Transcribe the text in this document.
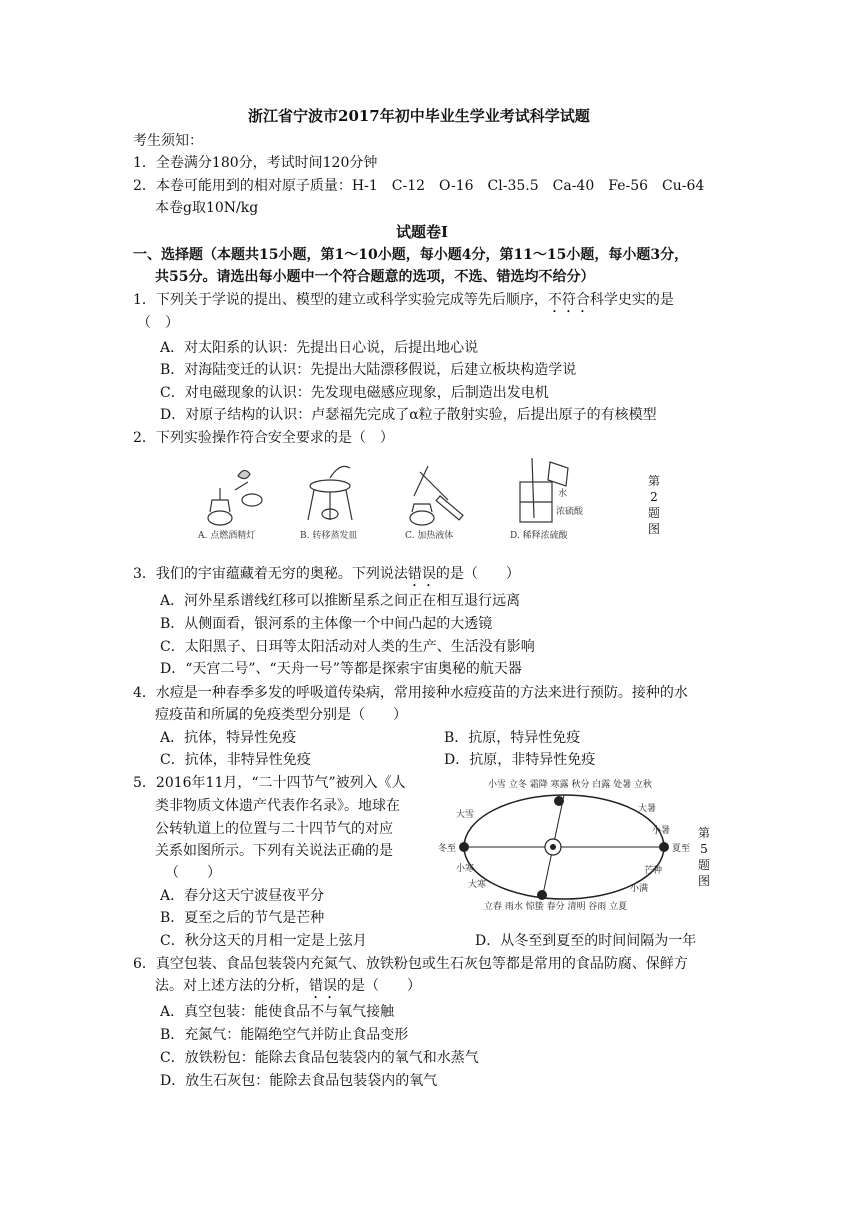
浙江省宁波市2017年初中毕业生学业考试科学试题
考生须知：
1．全卷满分180分，考试时间120分钟
2．本卷可能用到的相对原子质量：H-1　C-12　O-16　Cl-35.5　Ca-40　Fe-56　Cu-64
本卷g取10N/kg
试题卷Ⅰ
一、选择题（本题共15小题，第1～10小题，每小题4分，第11～15小题，每小题3分，
共55分。请选出每小题中一个符合题意的选项，不选、错选均不给分）
1．下列关于学说的提出、模型的建立或科学实验完成等先后顺序，不符合科学史实的是
（　）
A．对太阳系的认识：先提出日心说，后提出地心说
B．对海陆变迁的认识：先提出大陆漂移假说，后建立板块构造学说
C．对电磁现象的认识：先发现电磁感应现象，后制造出发电机
D．对原子结构的认识：卢瑟福先完成了α粒子散射实验，后提出原子的有核模型
2．下列实验操作符合安全要求的是（　）
水
浓硫酸
A. 点燃酒精灯	B. 转移蒸发皿	C. 加热液体	D. 稀释浓硫酸
第
2
题
图
3．我们的宇宙蕴藏着无穷的奥秘。下列说法错误的是（　　）
A．河外星系谱线红移可以推断星系之间正在相互退行远离
B．从侧面看，银河系的主体像一个中间凸起的大透镜
C．太阳黑子、日珥等太阳活动对人类的生产、生活没有影响
D．“天宫二号”、“天舟一号”等都是探索宇宙奥秘的航天器
4．水痘是一种春季多发的呼吸道传染病，常用接种水痘疫苗的方法来进行预防。接种的水
痘疫苗和所属的免疫类型分别是（　　）
A．抗体，特异性免疫	B．抗原，特异性免疫
C．抗体，非特异性免疫	D．抗原，非特异性免疫
5．2016年11月，“二十四节气”被列入《人
类非物质文体遗产代表作名录》。地球在
公转轨道上的位置与二十四节气的对应
关系如图所示。下列有关说法正确的是
（　　）
A．春分这天宁波昼夜平分
B．夏至之后的节气是芒种
C．秋分这天的月相一定是上弦月	D．从冬至到夏至的时间间隔为一年
小雪 立冬 霜降 寒露 秋分 白露 处暑 立秋
大暑
小暑
大雪
冬至	夏至
小寒
大寒
立春 雨水 惊蛰 春分 清明 谷雨 立夏
芒种
小满
第
5
题
图
6．真空包装、食品包装袋内充氮气、放铁粉包或生石灰包等都是常用的食品防腐、保鲜方
法。对上述方法的分析，错误的是（　　）
A．真空包装：能使食品不与氧气接触
B．充氮气：能隔绝空气并防止食品变形
C．放铁粉包：能除去食品包装袋内的氧气和水蒸气
D．放生石灰包：能除去食品包装袋内的氧气
